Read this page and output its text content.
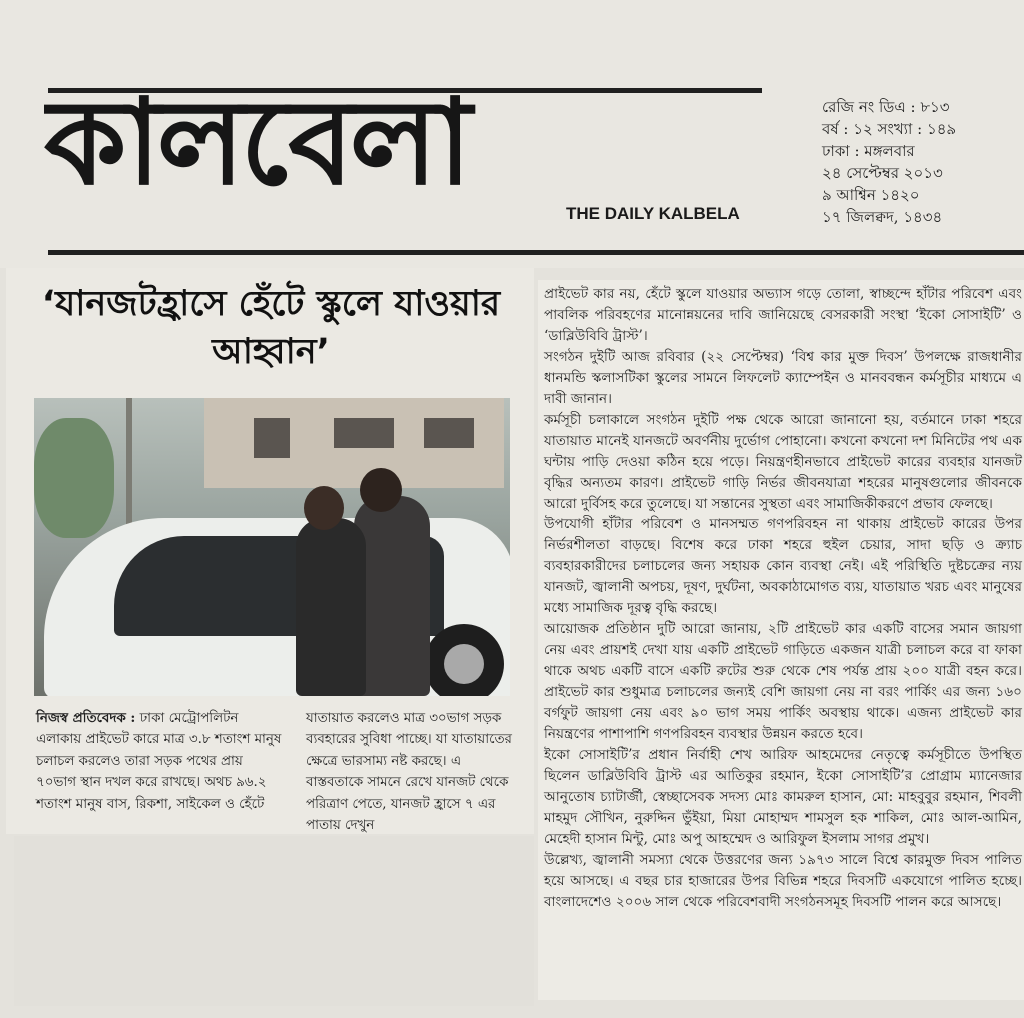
কালবেলা
THE DAILY KALBELA
রেজি নং ডিএ : ৮১৩
বর্ষ : ১২ সংখ্যা : ১৪৯
ঢাকা : মঙ্গলবার
২৪ সেপ্টেম্বর ২০১৩
৯ আশ্বিন ১৪২০
১৭ জিলক্বদ, ১৪৩৪
‘যানজটহ্রাসে হেঁটে স্কুলে যাওয়ার আহ্বান’
নিজস্ব প্রতিবেদক : ঢাকা মেট্রোপলিটন এলাকায় প্রাইভেট কারে মাত্র ৩.৮ শতাংশ মানুষ চলাচল করলেও তারা সড়ক পথের প্রায় ৭০ভাগ স্থান দখল করে রাখছে। অথচ ৯৬.২ শতাংশ মানুষ বাস, রিকশা, সাইকেল ও হেঁটে
যাতায়াত করলেও মাত্র ৩০ভাগ সড়ক ব্যবহারের সুবিধা পাচ্ছে। যা যাতায়াতের ক্ষেত্রে ভারসাম্য নষ্ট করছে। এ বাস্তবতাকে সামনে রেখে যানজট থেকে পরিত্রাণ পেতে, যানজট হ্রাসে ৭ এর পাতায় দেখুন

প্রাইভেট কার নয়, হেঁটে স্কুলে যাওয়ার অভ্যাস গড়ে তোলা, স্বাচ্ছন্দে হাঁটার পরিবেশ এবং পাবলিক পরিবহণের মানোন্নয়নের দাবি জানিয়েছে বেসরকারী সংস্থা ‘ইকো সোসাইটি’ ও ‘ডাব্লিউবিবি ট্রাস্ট’।

সংগঠন দুইটি আজ রবিবার (২২ সেপ্টেম্বর) ‘বিশ্ব কার মুক্ত দিবস’ উপলক্ষে রাজধানীর ধানমন্ডি স্কলাসটিকা স্কুলের সামনে লিফলেট ক্যাম্পেইন ও মানববন্ধন কর্মসূচীর মাধ্যমে এ দাবী জানান।

কর্মসূচী চলাকালে সংগঠন দুইটি পক্ষ থেকে আরো জানানো হয়, বর্তমানে ঢাকা শহরে যাতায়াত মানেই যানজটে অবর্ণনীয় দুর্ভোগ পোহানো। কখনো কখনো দশ মিনিটের পথ এক ঘন্টায় পাড়ি দেওয়া কঠিন হয়ে পড়ে। নিয়ন্ত্রণহীনভাবে প্রাইভেট কারের ব্যবহার যানজট বৃদ্ধির অন্যতম কারণ। প্রাইভেট গাড়ি নির্ভর জীবনযাত্রা শহরের মানুষগুলোর জীবনকে আরো দুর্বিসহ করে তুলেছে। যা সন্তানের সুস্থতা এবং সামাজিকীকরণে প্রভাব ফেলছে।

উপযোগী হাঁটার পরিবেশ ও মানসম্মত গণপরিবহন না থাকায় প্রাইভেট কারের উপর নির্ভরশীলতা বাড়ছে। বিশেষ করে ঢাকা শহরে হুইল চেয়ার, সাদা ছড়ি ও ক্র্যাচ ব্যবহারকারীদের চলাচলের জন্য সহায়ক কোন ব্যবস্থা নেই। এই পরিস্থিতি দুষ্টচক্রের ন্যয় যানজট, জ্বালানী অপচয়, দূষণ, দুর্ঘটনা, অবকাঠামোগত ব্যয়, যাতায়াত খরচ এবং মানুষের মধ্যে সামাজিক দূরত্ব বৃদ্ধি করছে।

আয়োজক প্রতিষ্ঠান দুটি আরো জানায়, ২টি প্রাইভেট কার একটি বাসের সমান জায়গা নেয় এবং প্রায়শই দেখা যায় একটি প্রাইভেট গাড়িতে একজন যাত্রী চলাচল করে বা ফাকা থাকে অথচ একটি বাসে একটি রুটের শুরু থেকে শেষ পর্যন্ত প্রায় ২০০ যাত্রী বহন করে। প্রাইভেট কার শুধুমাত্র চলাচলের জন্যই বেশি জায়গা নেয় না বরং পার্কিং এর জন্য ১৬০ বর্গফুট জায়গা নেয় এবং ৯০ ভাগ সময় পার্কিং অবস্থায় থাকে। এজন্য প্রাইভেট কার নিয়ন্ত্রণের পাশাপাশি গণপরিবহন ব্যবস্থার উন্নয়ন করতে হবে।

ইকো সোসাইটি’র প্রধান নির্বাহী শেখ আরিফ আহমেদের নেতৃত্বে কর্মসূচীতে উপস্থিত ছিলেন ডাব্লিউবিবি ট্রাস্ট এর আতিকুর রহমান, ইকো সোসাইটি’র প্রোগ্রাম ম্যানেজার আনুতোষ চ্যাটার্জী, স্বেচ্ছাসেবক সদস্য মোঃ কামরুল হাসান, মো: মাহবুবুর রহমান, শিবলী মাহমুদ সৌখিন, নুরুদ্দিন ভুঁইয়া, মিয়া মোহাম্মদ শামসুল হক শাকিল, মোঃ আল-আমিন, মেহেদী হাসান মিন্টু, মোঃ অপু আহম্মেদ ও আরিফুল ইসলাম সাগর প্রমুখ।

উল্লেখ্য, জ্বালানী সমস্যা থেকে উত্তরণের জন্য ১৯৭৩ সালে বিশ্বে কারমুক্ত দিবস পালিত হয়ে আসছে। এ বছর চার হাজারের উপর বিভিন্ন শহরে দিবসটি একযোগে পালিত হচ্ছে। বাংলাদেশেও ২০০৬ সাল থেকে পরিবেশবাদী সংগঠনসমূহ দিবসটি পালন করে আসছে।
